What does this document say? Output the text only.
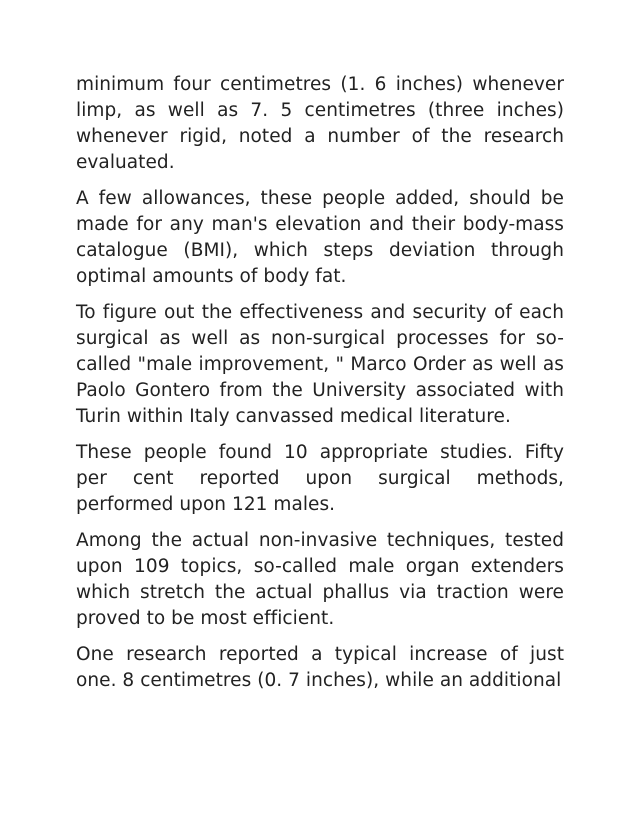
minimum four centimetres (1. 6 inches) whenever limp, as well as 7. 5 centimetres (three inches) whenever rigid, noted a number of the research evaluated.

A few allowances, these people added, should be made for any man's elevation and their body-mass catalogue (BMI), which steps deviation through optimal amounts of body fat.

To figure out the effectiveness and security of each surgical as well as non-surgical processes for so-called "male improvement, " Marco Order as well as Paolo Gontero from the University associated with Turin within Italy canvassed medical literature.

These people found 10 appropriate studies. Fifty per cent reported upon surgical methods, performed upon 121 males.

Among the actual non-invasive techniques, tested upon 109 topics, so-called male organ extenders which stretch the actual phallus via traction were proved to be most efficient.

One research reported a typical increase of just one. 8 centimetres (0. 7 inches), while an additional
